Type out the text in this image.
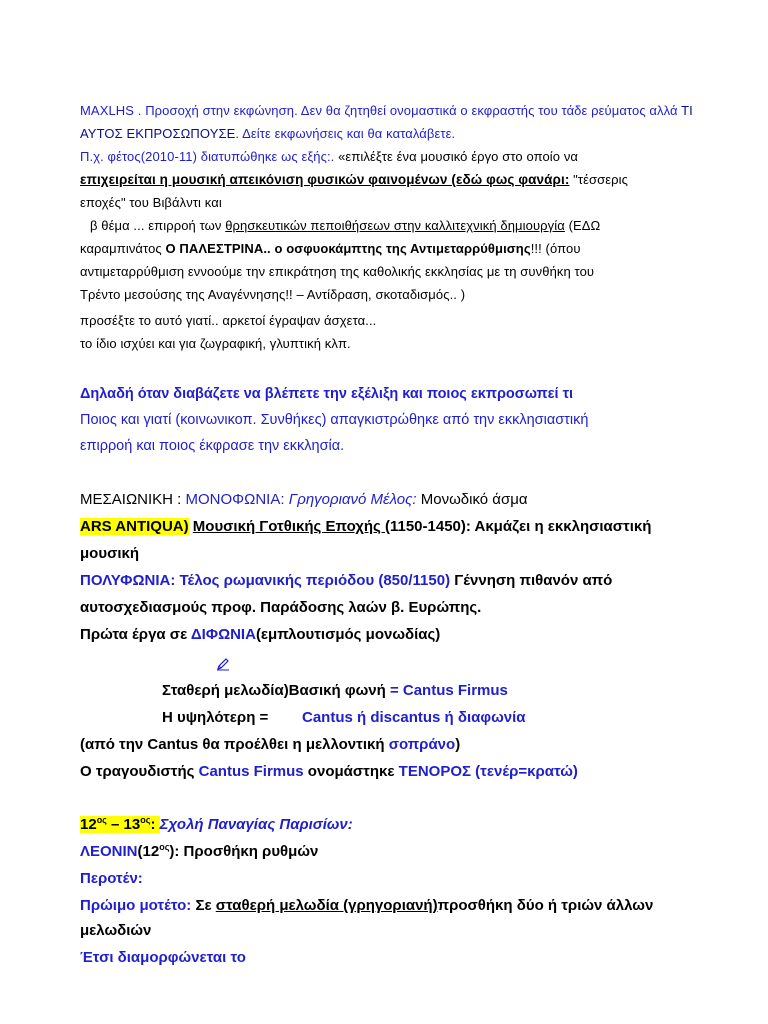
MAXLHS . Προσοχή στην εκφώνηση. Δεν θα ζητηθεί ονομαστικά ο εκφραστής του τάδε ρεύματος αλλά ΤΙ
ΑΥΤΟΣ ΕΚΠΡΟΣΩΠΟΥΣΕ. Δείτε εκφωνήσεις και θα καταλάβετε.
Π.χ. φέτος(2010-11) διατυπώθηκε ως εξής:. «επιλέξτε ένα μουσικό έργο στο οποίο να
επιχειρείται η μουσική απεικόνιση φυσικών φαινομένων (εδώ φως φανάρι: "τέσσερις
εποχές" του Βιβάλντι και
β θέμα ... επιρροή των θρησκευτικών πεποιθήσεων στην καλλιτεχνική δημιουργία (ΕΔΩ
καραμπινάτος Ο ΠΑΛΕΣΤΡΙΝΑ.. ο οσφυοκάμπτης της Αντιμεταρρύθμισης!!! (όπου
αντιμεταρρύθμιση εννοούμε την επικράτηση της καθολικής εκκλησίας με τη συνθήκη του
Τρέντο μεσούσης της Αναγέννησης!! – Αντίδραση, σκοταδισμός.. )
προσέξτε το αυτό γιατί.. αρκετοί έγραψαν άσχετα...
το ίδιο ισχύει και για ζωγραφική, γλυπτική κλπ.
Δηλαδή όταν διαβάζετε να βλέπετε την εξέλιξη και ποιος εκπροσωπεί τι
Ποιος και γιατί (κοινωνικοπ. Συνθήκες) απαγκιστρώθηκε από την εκκλησιαστική
επιρροή και ποιος έκφρασε την εκκλησία.
ΜΕΣΑΙΩΝΙΚΗ : ΜΟΝΟΦΩΝΙΑ: Γρηγοριανό Μέλος: Μονωδικό άσμα
ARS ANTIQUA) Μουσική Γοτθικής Εποχής (1150-1450): Ακμάζει η εκκλησιαστική
μουσική
ΠΟΛΥΦΩΝΙΑ: Τέλος ρωμανικής περιόδου (850/1150) Γέννηση πιθανόν από
αυτοσχεδιασμούς προφ. Παράδοσης λαών β. Ευρώπης.
Πρώτα έργα σε ΔΙΦΩΝΙΑ(εμπλουτισμός μονωδίας)
Σταθερή μελωδία)Βασική φωνή = Cantus Firmus
Η υψηλότερη = Cantus ή discantus ή διαφωνία
(από την Cantus θα προέλθει η μελλοντική σοπράνο)
Ο τραγουδιστής Cantus Firmus ονομάστηκε ΤΕΝΟΡΟΣ (τενέρ=κρατώ)
$12^{o\varsigma} - 13^{o\varsigma}$: Σχολή Παναγίας Παρισίων:
$\Lambda EONIN(12^{o\varsigma})$: Προσθήκη ρυθμών
Περοτέν:
Πρώιμο μοτέτο: Σε σταθερή μελωδία (γρηγοριανή)προσθήκη δύο ή τριών άλλων
μελωδιών
Έτσι διαμορφώνεται το
